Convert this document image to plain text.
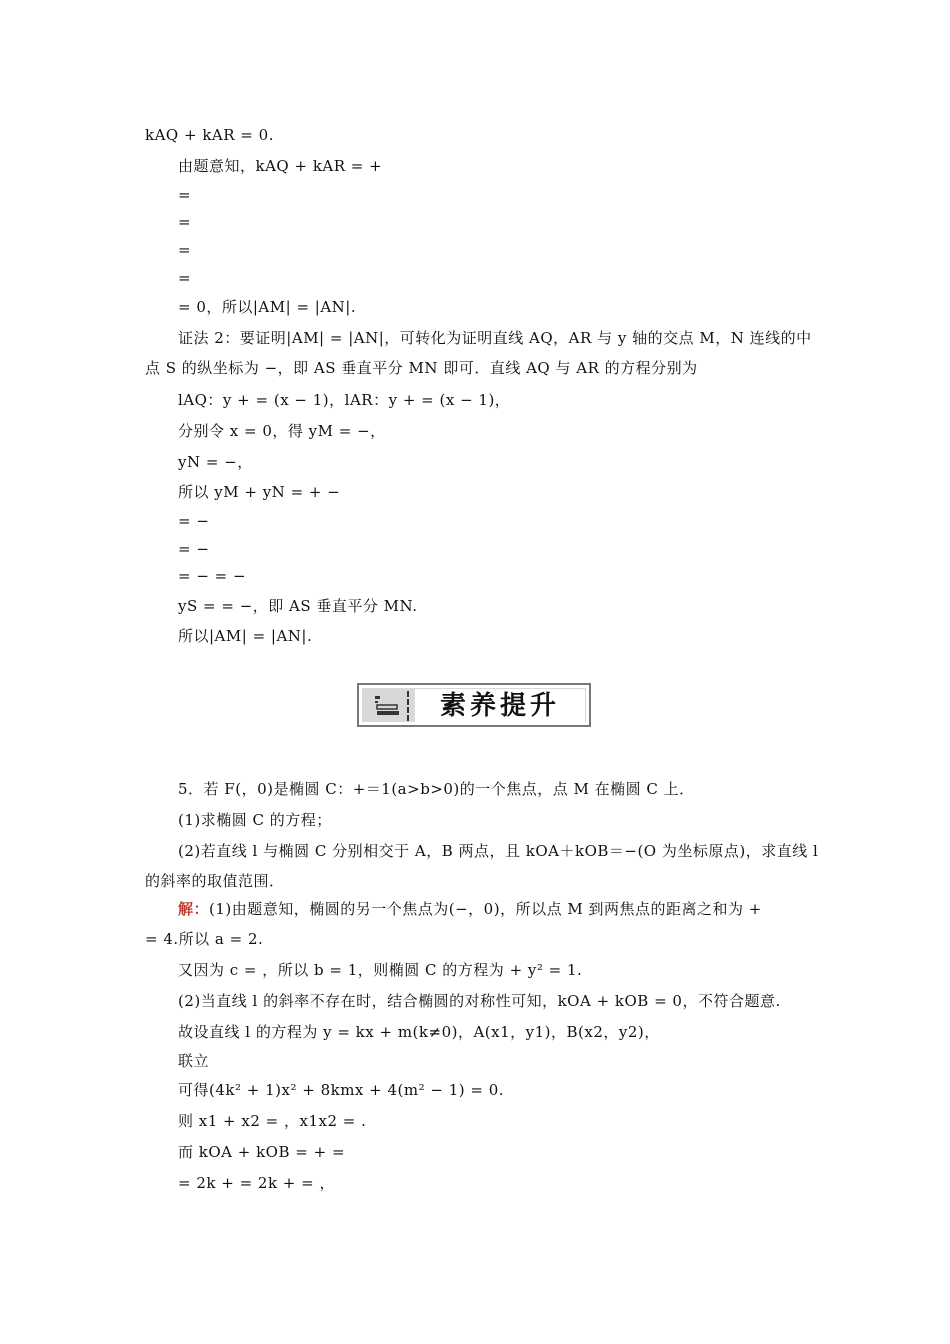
kAQ + kAR = 0.
由题意知，kAQ + kAR = +
=
=
=
=
= 0，所以|AM| = |AN|.
证法 2：要证明|AM| = |AN|，可转化为证明直线 AQ，AR 与 y 轴的交点 M，N 连线的中
点 S 的纵坐标为 −，即 AS 垂直平分 MN 即可．直线 AQ 与 AR 的方程分别为
lAQ：y + = (x − 1)，lAR：y + = (x − 1)，
分别令 x = 0，得 yM = −，
yN = −，
所以 yM + yN = + −
= −
= −
= − = −
yS = = −，即 AS 垂直平分 MN.
所以|AM| = |AN|.
素养提升
5．若 F(，0)是椭圆 C：+＝1(a>b>0)的一个焦点，点 M 在椭圆 C 上．
(1)求椭圆 C 的方程；
(2)若直线 l 与椭圆 C 分别相交于 A，B 两点，且 kOA＋kOB＝−(O 为坐标原点)，求直线 l
的斜率的取值范围．
解：(1)由题意知，椭圆的另一个焦点为(−，0)，所以点 M 到两焦点的距离之和为 +
= 4.所以 a = 2.
又因为 c = ，所以 b = 1，则椭圆 C 的方程为 + y² = 1.
(2)当直线 l 的斜率不存在时，结合椭圆的对称性可知，kOA + kOB = 0，不符合题意.
故设直线 l 的方程为 y = kx + m(k≠0)，A(x1，y1)，B(x2，y2)，
联立
可得(4k² + 1)x² + 8kmx + 4(m² − 1) = 0.
则 x1 + x2 = ，x1x2 = .
而 kOA + kOB = + =
= 2k + = 2k + = ，
